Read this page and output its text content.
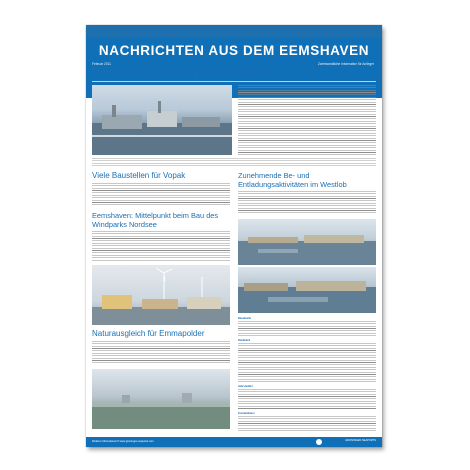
NACHRICHTEN AUS DEM EEMSHAVEN
Februar 2011	Zweimonatliche Information für Anlieger
Rasanter Zuwachs des Eemshavens
Viele Baustellen für Vopak
Eemshaven: Mittelpunkt beim Bau des Windparks Nordsee
Naturausgleich für Emmapolder
Zunehmende Be- und Entladungsaktivitäten im Westlob
Bautabelle
Rückblick
Jahrstadtler
Kontaktdaten
Weitere Informationen? www.groningen-seaports.com	GRONINGEN SEAPORTS
